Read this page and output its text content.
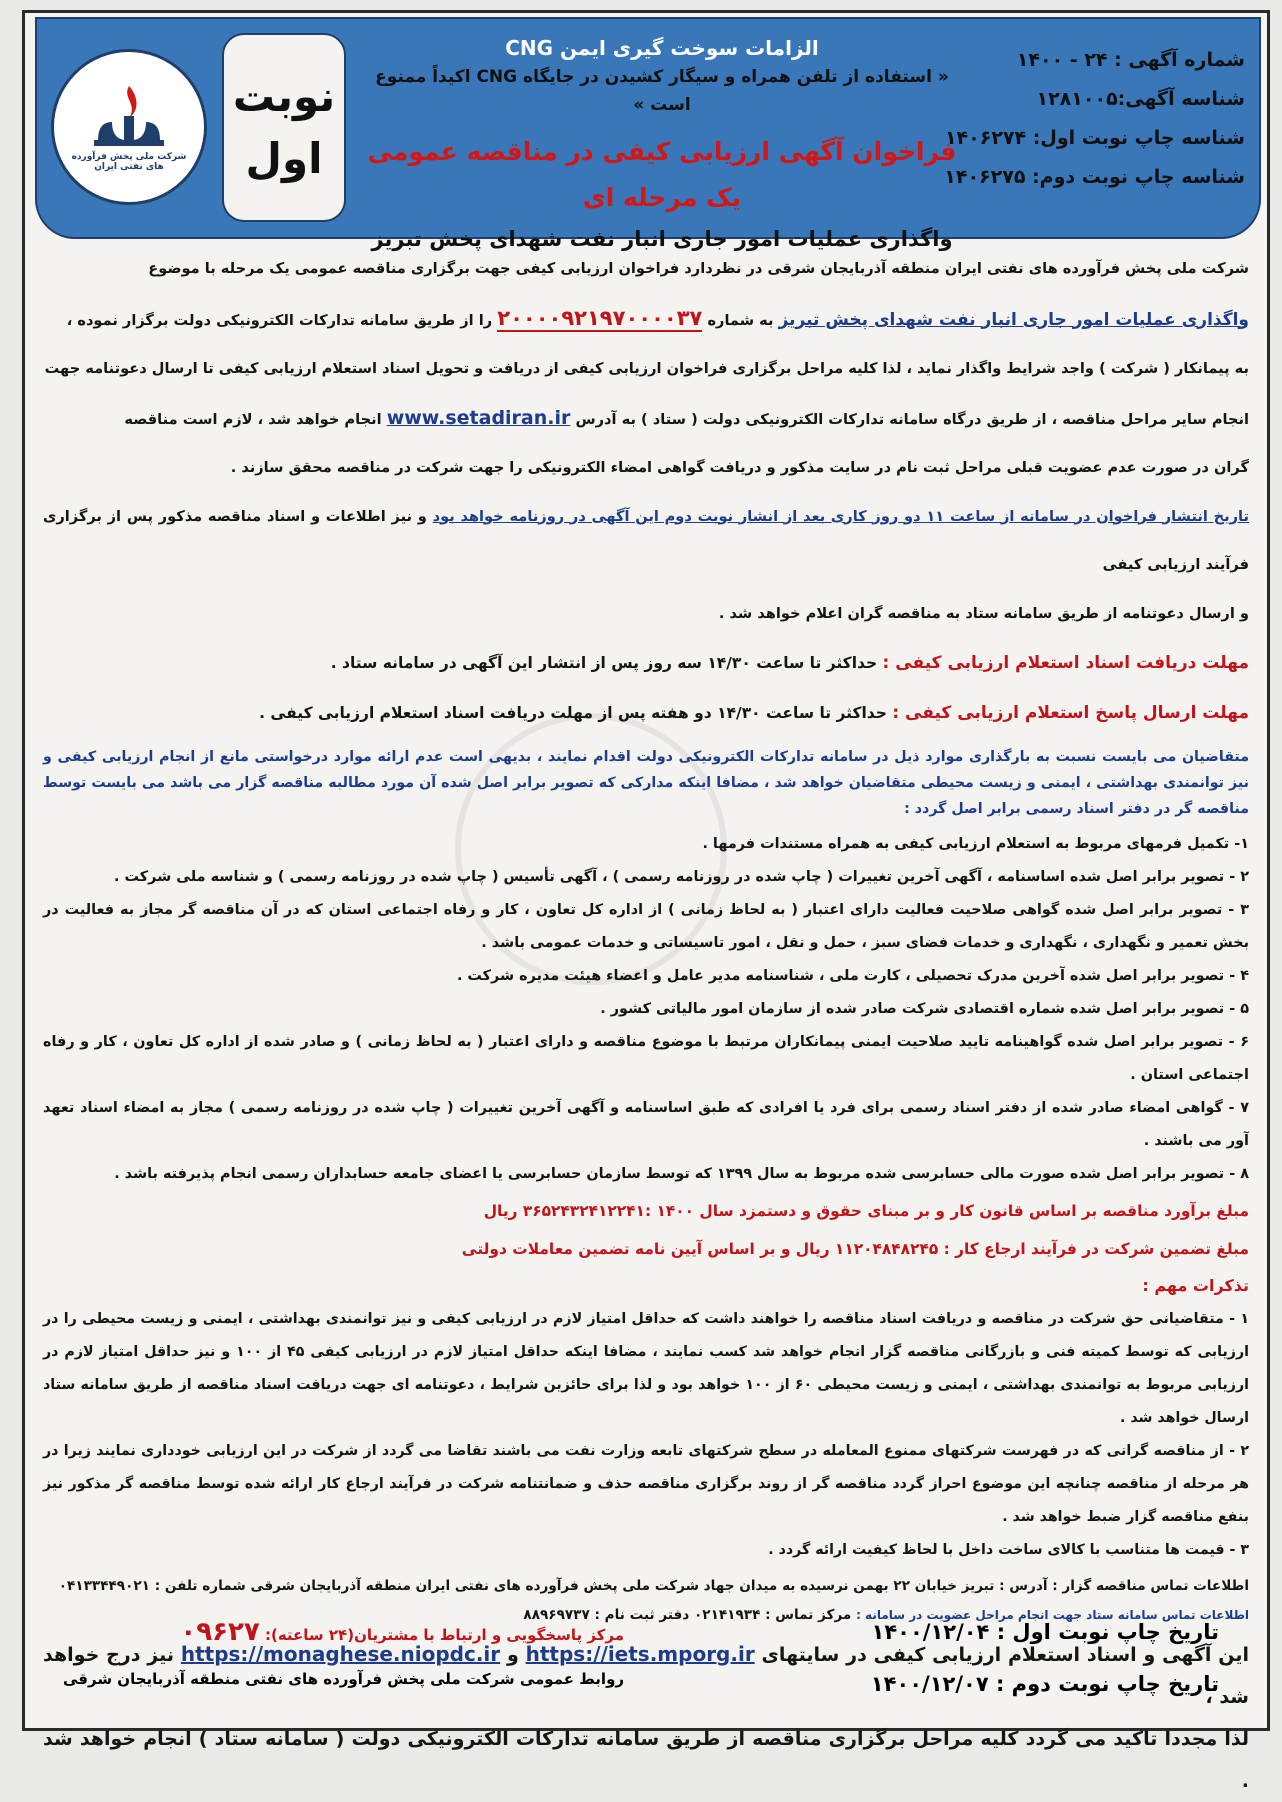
شرکت ملی پخش فرآورده های نفتی ایران
نوبت
اول
الزامات سوخت گیری ایمن CNG
« استفاده از تلفن همراه و سیگار کشیدن در جایگاه CNG اکیداً ممنوع است »
فراخوان آگهی ارزیابی کیفی در مناقصه عمومی یک مرحله ای
واگذاری عملیات امور جاری انبار نفت شهدای پخش تبریز
شماره آگهی : ۲۴ - ۱۴۰۰
شناسه آگهی:۱۲۸۱۰۰۵
شناسه چاپ نوبت اول: ۱۴۰۶۲۷۴
شناسه چاپ نوبت دوم: ۱۴۰۶۲۷۵

شرکت ملی پخش فرآورده های نفتی ایران منطقه آذربایجان شرقی در نظردارد فراخوان ارزیابی کیفی جهت برگزاری مناقصه عمومی یک مرحله با موضوع

واگذاری عملیات امور جاری انبار نفت شهدای پخش تبریز به شماره ۲۰۰۰۰۹۲۱۹۷۰۰۰۰۳۷ را از طریق سامانه تدارکات الکترونیکی دولت برگزار نموده ،

به پیمانکار ( شرکت ) واجد شرایط واگذار نماید ، لذا کلیه مراحل برگزاری فراخوان ارزیابی کیفی از دریافت و تحویل اسناد استعلام ارزیابی کیفی تا ارسال دعوتنامه جهت

انجام سایر مراحل مناقصه ، از طریق درگاه سامانه تدارکات الکترونیکی دولت ( ستاد ) به آدرس www.setadiran.ir انجام خواهد شد ، لازم است مناقصه

گران در صورت عدم عضویت قبلی مراحل ثبت نام در سایت مذکور و دریافت گواهی امضاء الکترونیکی را جهت شرکت در مناقصه محقق سازند .

تاریخ انتشار فراخوان در سامانه از ساعت ۱۱ دو روز کاری بعد از انشار نوبت دوم این آگهی در روزنامه خواهد بود و نیز اطلاعات و اسناد مناقصه مذکور پس از برگزاری فرآیند ارزیابی کیفی

و ارسال دعوتنامه از طریق سامانه ستاد به مناقصه گران اعلام خواهد شد .

مهلت دریافت اسناد استعلام ارزیابی کیفی : حداکثر تا ساعت ۱۴/۳۰ سه روز پس از انتشار این آگهی در سامانه ستاد .

مهلت ارسال پاسخ استعلام ارزیابی کیفی : حداکثر تا ساعت ۱۴/۳۰ دو هفته پس از مهلت دریافت اسناد استعلام ارزیابی کیفی .

متقاضیان می بایست نسبت به بارگذاری موارد ذیل در سامانه تدارکات الکترونیکی دولت اقدام نمایند ، بدیهی است عدم ارائه موارد درخواستی مانع از انجام ارزیابی کیفی و نیز توانمندی بهداشتی ، ایمنی و زیست محیطی متقاضیان خواهد شد ، مضافا اینکه مدارکی که تصویر برابر اصل شده آن مورد مطالبه مناقصه گزار می باشد می بایست توسط مناقصه گر در دفتر اسناد رسمی برابر اصل گردد :

۱- تکمیل فرمهای مربوط به استعلام ارزیابی کیفی به همراه مستندات فرمها .

۲ - تصویر برابر اصل شده اساسنامه ، آگهی آخرین تغییرات ( چاپ شده در روزنامه رسمی ) ، آگهی تأسیس ( چاپ شده در روزنامه رسمی ) و شناسه ملی شرکت .

۳ - تصویر برابر اصل شده گواهی صلاحیت فعالیت دارای اعتبار ( به لحاظ زمانی ) از اداره کل تعاون ، کار و رفاه اجتماعی استان که در آن مناقصه گر مجاز به فعالیت در بخش تعمیر و نگهداری ، نگهداری و خدمات فضای سبز ، حمل و نقل ، امور تاسیساتی و خدمات عمومی باشد .

۴ - تصویر برابر اصل شده آخرین مدرک تحصیلی ، کارت ملی ، شناسنامه مدیر عامل و اعضاء هیئت مدیره شرکت .

۵ - تصویر برابر اصل شده شماره اقتصادی شرکت صادر شده از سازمان امور مالیاتی کشور .

۶ - تصویر برابر اصل شده گواهینامه تایید صلاحیت ایمنی پیمانکاران مرتبط با موضوع مناقصه و دارای اعتبار ( به لحاظ زمانی ) و صادر شده از اداره کل تعاون ، کار و رفاه اجتماعی استان .

۷ - گواهی امضاء صادر شده از دفتر اسناد رسمی برای فرد یا افرادی که طبق اساسنامه و آگهی آخرین تغییرات ( چاپ شده در روزنامه رسمی ) مجاز به امضاء اسناد تعهد آور می باشند .

۸ - تصویر برابر اصل شده صورت مالی حسابرسی شده مربوط به سال ۱۳۹۹ که توسط سازمان حسابرسی یا اعضای جامعه حسابداران رسمی انجام پذیرفته باشد .

مبلغ برآورد مناقصه بر اساس قانون کار و بر مبنای حقوق و دستمزد سال ۱۴۰۰ :۳۶۵۲۴۳۲۴۱۲۲۴۱ ریال

مبلغ تضمین شرکت در فرآیند ارجاع کار : ۱۱۲۰۴۸۴۸۲۴۵ ریال و بر اساس آیین نامه تضمین معاملات دولتی

تذکرات مهم :

۱ - متقاضیانی حق شرکت در مناقصه و دریافت اسناد مناقصه را خواهند داشت که حداقل امتیاز لازم در ارزیابی کیفی و نیز توانمندی بهداشتی ، ایمنی و زیست محیطی را در ارزیابی که توسط کمیته فنی و بازرگانی مناقصه گزار انجام خواهد شد کسب نمایند ، مضافا اینکه حداقل امتیاز لازم در ارزیابی کیفی ۴۵ از ۱۰۰ و نیز حداقل امتیاز لازم در ارزیابی مربوط به توانمندی بهداشتی ، ایمنی و زیست محیطی ۶۰ از ۱۰۰ خواهد بود و لذا برای حائزین شرایط ، دعوتنامه ای جهت دریافت اسناد مناقصه از طریق سامانه ستاد ارسال خواهد شد .

۲ - از مناقصه گرانی که در فهرست شرکتهای ممنوع المعامله در سطح شرکتهای تابعه وزارت نفت می باشند تقاضا می گردد از شرکت در این ارزیابی خودداری نمایند زیرا در هر مرحله از مناقصه چنانچه این موضوع احراز گردد مناقصه گر از روند برگزاری مناقصه حذف و ضمانتنامه شرکت در فرآیند ارجاع کار ارائه شده توسط مناقصه گر مذکور نیز بنفع مناقصه گزار ضبط خواهد شد .

۳ - قیمت ها متناسب با کالای ساخت داخل با لحاظ کیفیت ارائه گردد .

اطلاعات تماس مناقصه گزار : آدرس : تبریز خیابان ۲۲ بهمن نرسیده به میدان جهاد شرکت ملی پخش فرآورده های نفتی ایران منطقه آذربایجان شرقی شماره تلفن : ۰۴۱۳۳۴۴۹۰۲۱

اطلاعات تماس سامانه ستاد جهت انجام مراحل عضویت در سامانه : مرکز تماس : ۰۲۱۴۱۹۳۴ دفتر ثبت نام : ۸۸۹۶۹۷۳۷

این آگهی و اسناد استعلام ارزیابی کیفی در سایتهای https://iets.mporg.ir و https://monaghese.niopdc.ir نیز درج خواهد شد ،

لذا مجددا تاکید می گردد کلیه مراحل برگزاری مناقصه از طریق سامانه تدارکات الکترونیکی دولت ( سامانه ستاد ) انجام خواهد شد .

تاریخ چاپ نوبت اول : ۱۴۰۰/۱۲/۰۴
تاریخ چاپ نوبت دوم : ۱۴۰۰/۱۲/۰۷
مرکز پاسخگویی و ارتباط با مشتریان(۲۴ ساعته): ۰۹۶۲۷
روابط عمومی شرکت ملی پخش فرآورده های نفتی منطقه آذربایجان شرقی
